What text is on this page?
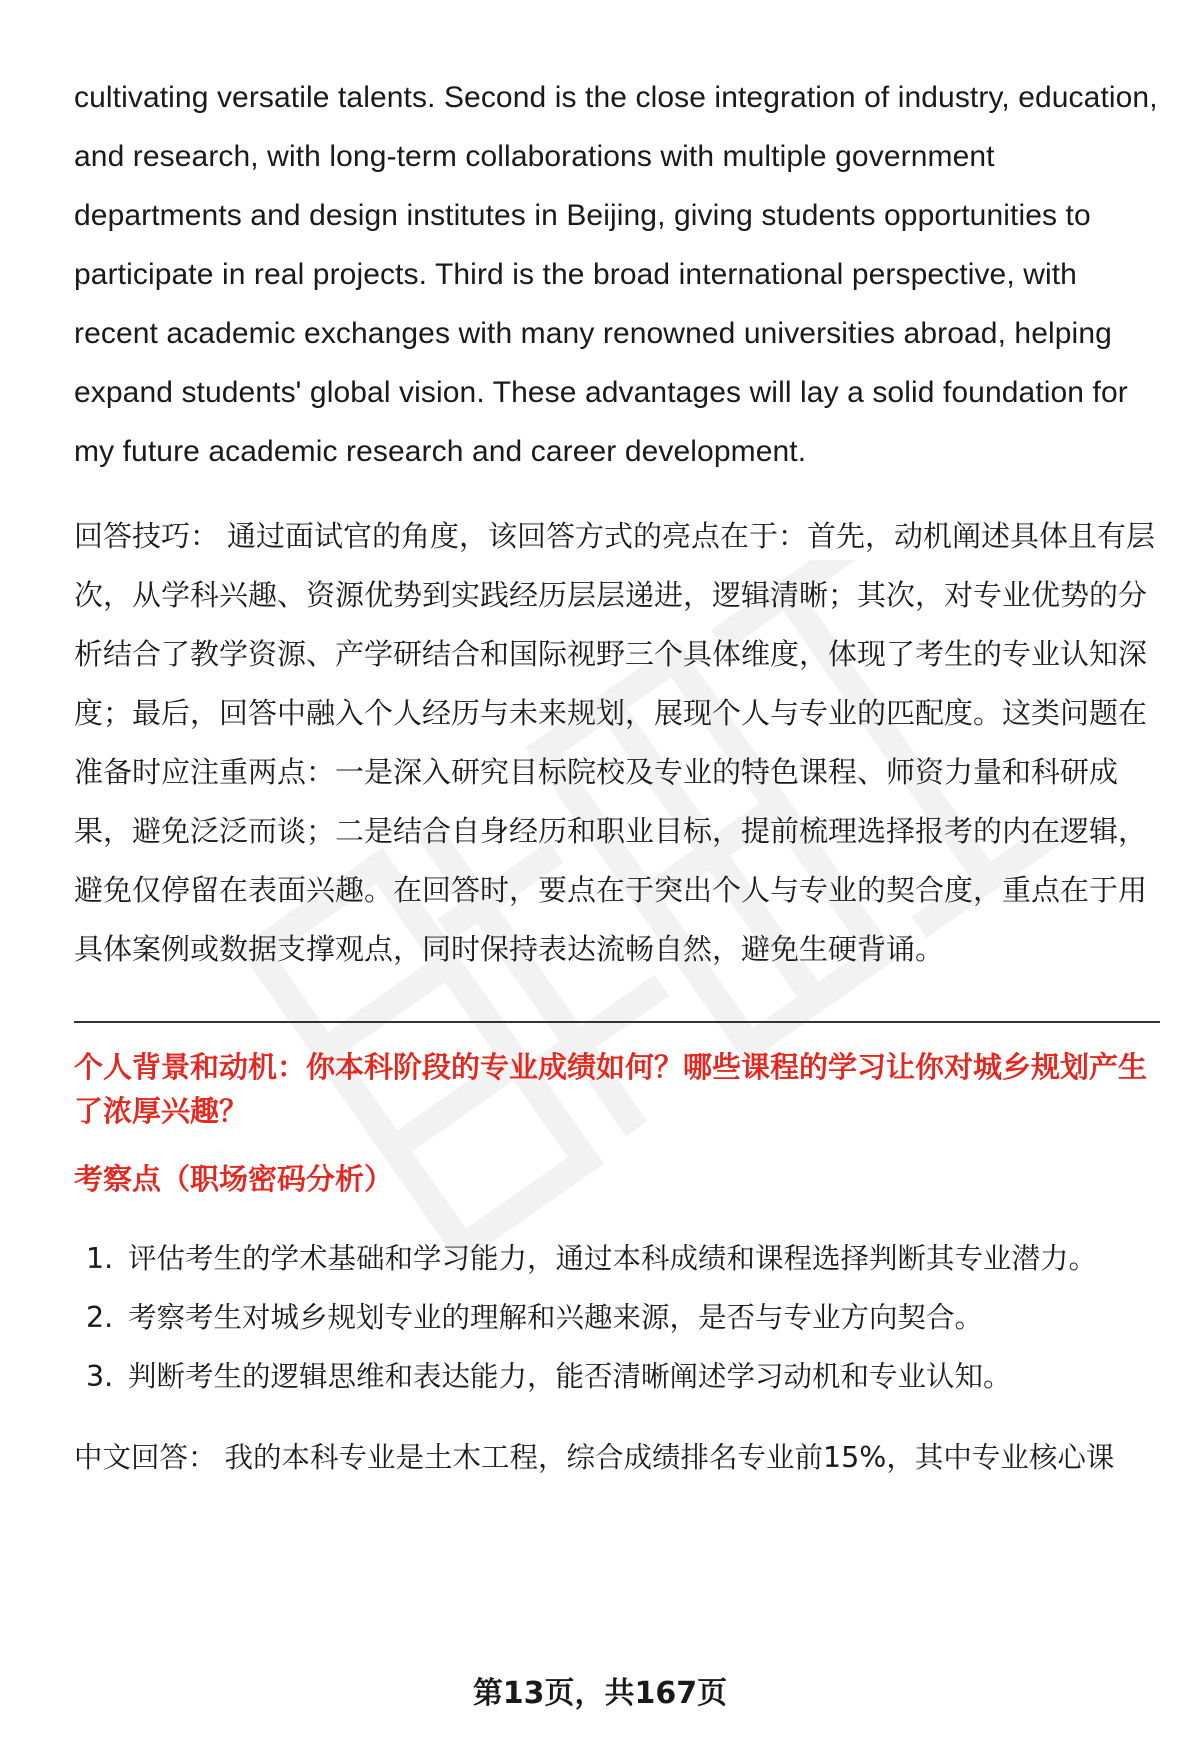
cultivating versatile talents. Second is the close integration of industry, education, and research, with long-term collaborations with multiple government departments and design institutes in Beijing, giving students opportunities to participate in real projects. Third is the broad international perspective, with recent academic exchanges with many renowned universities abroad, helping expand students' global vision. These advantages will lay a solid foundation for my future academic research and career development.

回答技巧： 通过面试官的角度，该回答方式的亮点在于：首先，动机阐述具体且有层次，从学科兴趣、资源优势到实践经历层层递进，逻辑清晰；其次，对专业优势的分析结合了教学资源、产学研结合和国际视野三个具体维度，体现了考生的专业认知深度；最后，回答中融入个人经历与未来规划，展现个人与专业的匹配度。这类问题在准备时应注重两点：一是深入研究目标院校及专业的特色课程、师资力量和科研成果，避免泛泛而谈；二是结合自身经历和职业目标，提前梳理选择报考的内在逻辑，避免仅停留在表面兴趣。在回答时，要点在于突出个人与专业的契合度，重点在于用具体案例或数据支撑观点，同时保持表达流畅自然，避免生硬背诵。
个人背景和动机：你本科阶段的专业成绩如何？哪些课程的学习让你对城乡规划产生了浓厚兴趣？
考察点（职场密码分析）
1. 评估考生的学术基础和学习能力，通过本科成绩和课程选择判断其专业潜力。
2. 考察考生对城乡规划专业的理解和兴趣来源，是否与专业方向契合。
3. 判断考生的逻辑思维和表达能力，能否清晰阐述学习动机和专业认知。
中文回答： 我的本科专业是土木工程，综合成绩排名专业前15%，其中专业核心课
第13页，共167页
